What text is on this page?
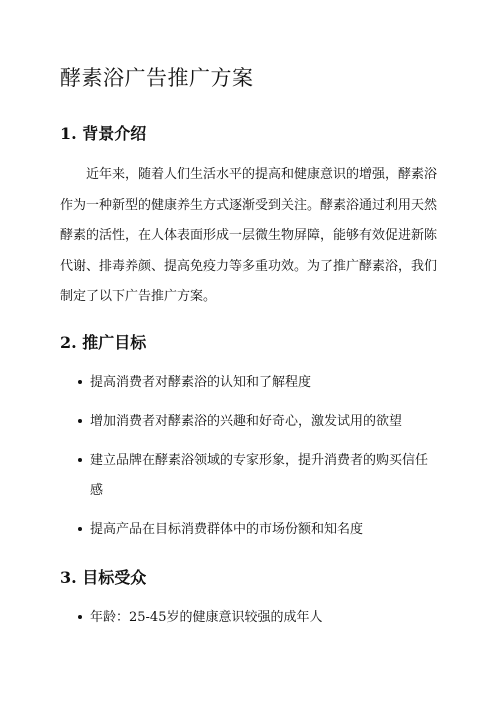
酵素浴广告推广方案
1. 背景介绍

近年来，随着人们生活水平的提高和健康意识的增强，酵素浴
作为一种新型的健康养生方式逐渐受到关注。酵素浴通过利用天然
酵素的活性，在人体表面形成一层微生物屏障，能够有效促进新陈
代谢、排毒养颜、提高免疫力等多重功效。为了推广酵素浴，我们
制定了以下广告推广方案。

2. 推广目标
提高消费者对酵素浴的认知和了解程度
增加消费者对酵素浴的兴趣和好奇心，激发试用的欲望
建立品牌在酵素浴领域的专家形象，提升消费者的购买信任
感
提高产品在目标消费群体中的市场份额和知名度
3. 目标受众
年龄：25-45岁的健康意识较强的成年人
